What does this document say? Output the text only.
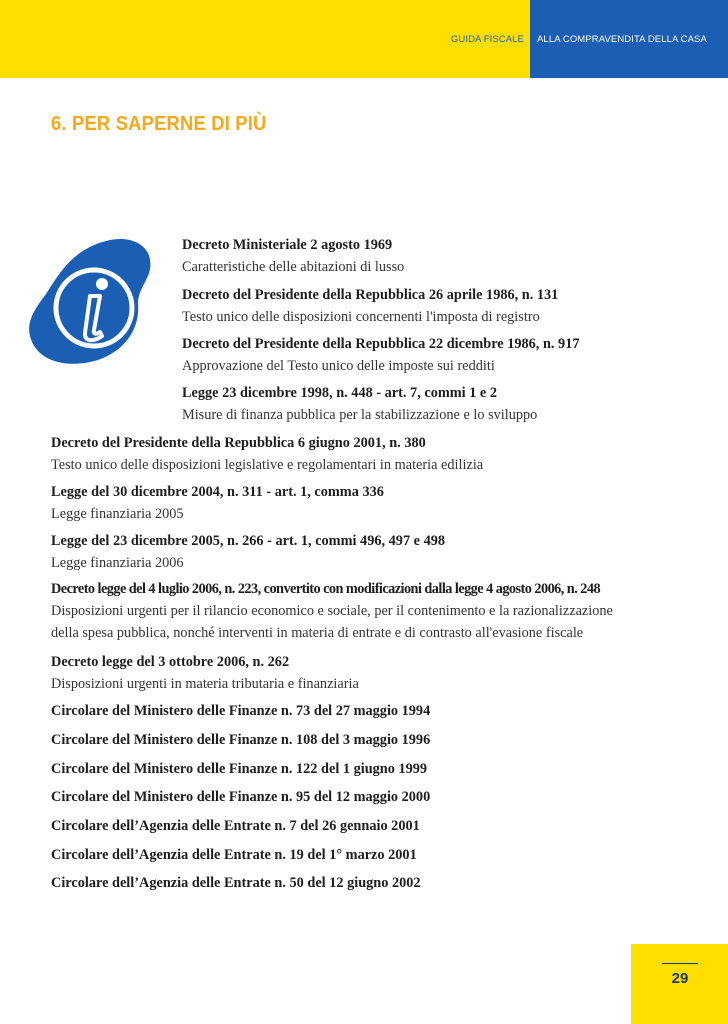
GUIDA FISCALE ALLA COMPRAVENDITA DELLA CASA
6. PER SAPERNE DI PIÙ
Decreto Ministeriale 2 agosto 1969
Caratteristiche delle abitazioni di lusso
Decreto del Presidente della Repubblica 26 aprile 1986, n. 131
Testo unico delle disposizioni concernenti l'imposta di registro
Decreto del Presidente della Repubblica 22 dicembre 1986, n. 917
Approvazione del Testo unico delle imposte sui redditi
Legge 23 dicembre 1998, n. 448 - art. 7, commi 1 e 2
Misure di finanza pubblica per la stabilizzazione e lo sviluppo
Decreto del Presidente della Repubblica 6 giugno 2001, n. 380
Testo unico delle disposizioni legislative e regolamentari in materia edilizia
Legge del 30 dicembre 2004, n. 311 - art. 1, comma 336
Legge finanziaria 2005
Legge del 23 dicembre 2005, n. 266 - art. 1, commi 496, 497 e 498
Legge finanziaria 2006
Decreto legge del 4 luglio 2006, n. 223, convertito con modificazioni dalla legge 4 agosto 2006, n. 248
Disposizioni urgenti per il rilancio economico e sociale, per il contenimento e la razionalizzazione
della spesa pubblica, nonché interventi in materia di entrate e di contrasto all'evasione fiscale
Decreto legge del 3 ottobre 2006, n. 262
Disposizioni urgenti in materia tributaria e finanziaria
Circolare del Ministero delle Finanze n. 73 del 27 maggio 1994
Circolare del Ministero delle Finanze n. 108 del 3 maggio 1996
Circolare del Ministero delle Finanze n. 122 del 1 giugno 1999
Circolare del Ministero delle Finanze n. 95 del 12 maggio 2000
Circolare dell’Agenzia delle Entrate n. 7 del 26 gennaio 2001
Circolare dell’Agenzia delle Entrate n. 19 del 1° marzo 2001
Circolare dell’Agenzia delle Entrate n. 50 del 12 giugno 2002
29
